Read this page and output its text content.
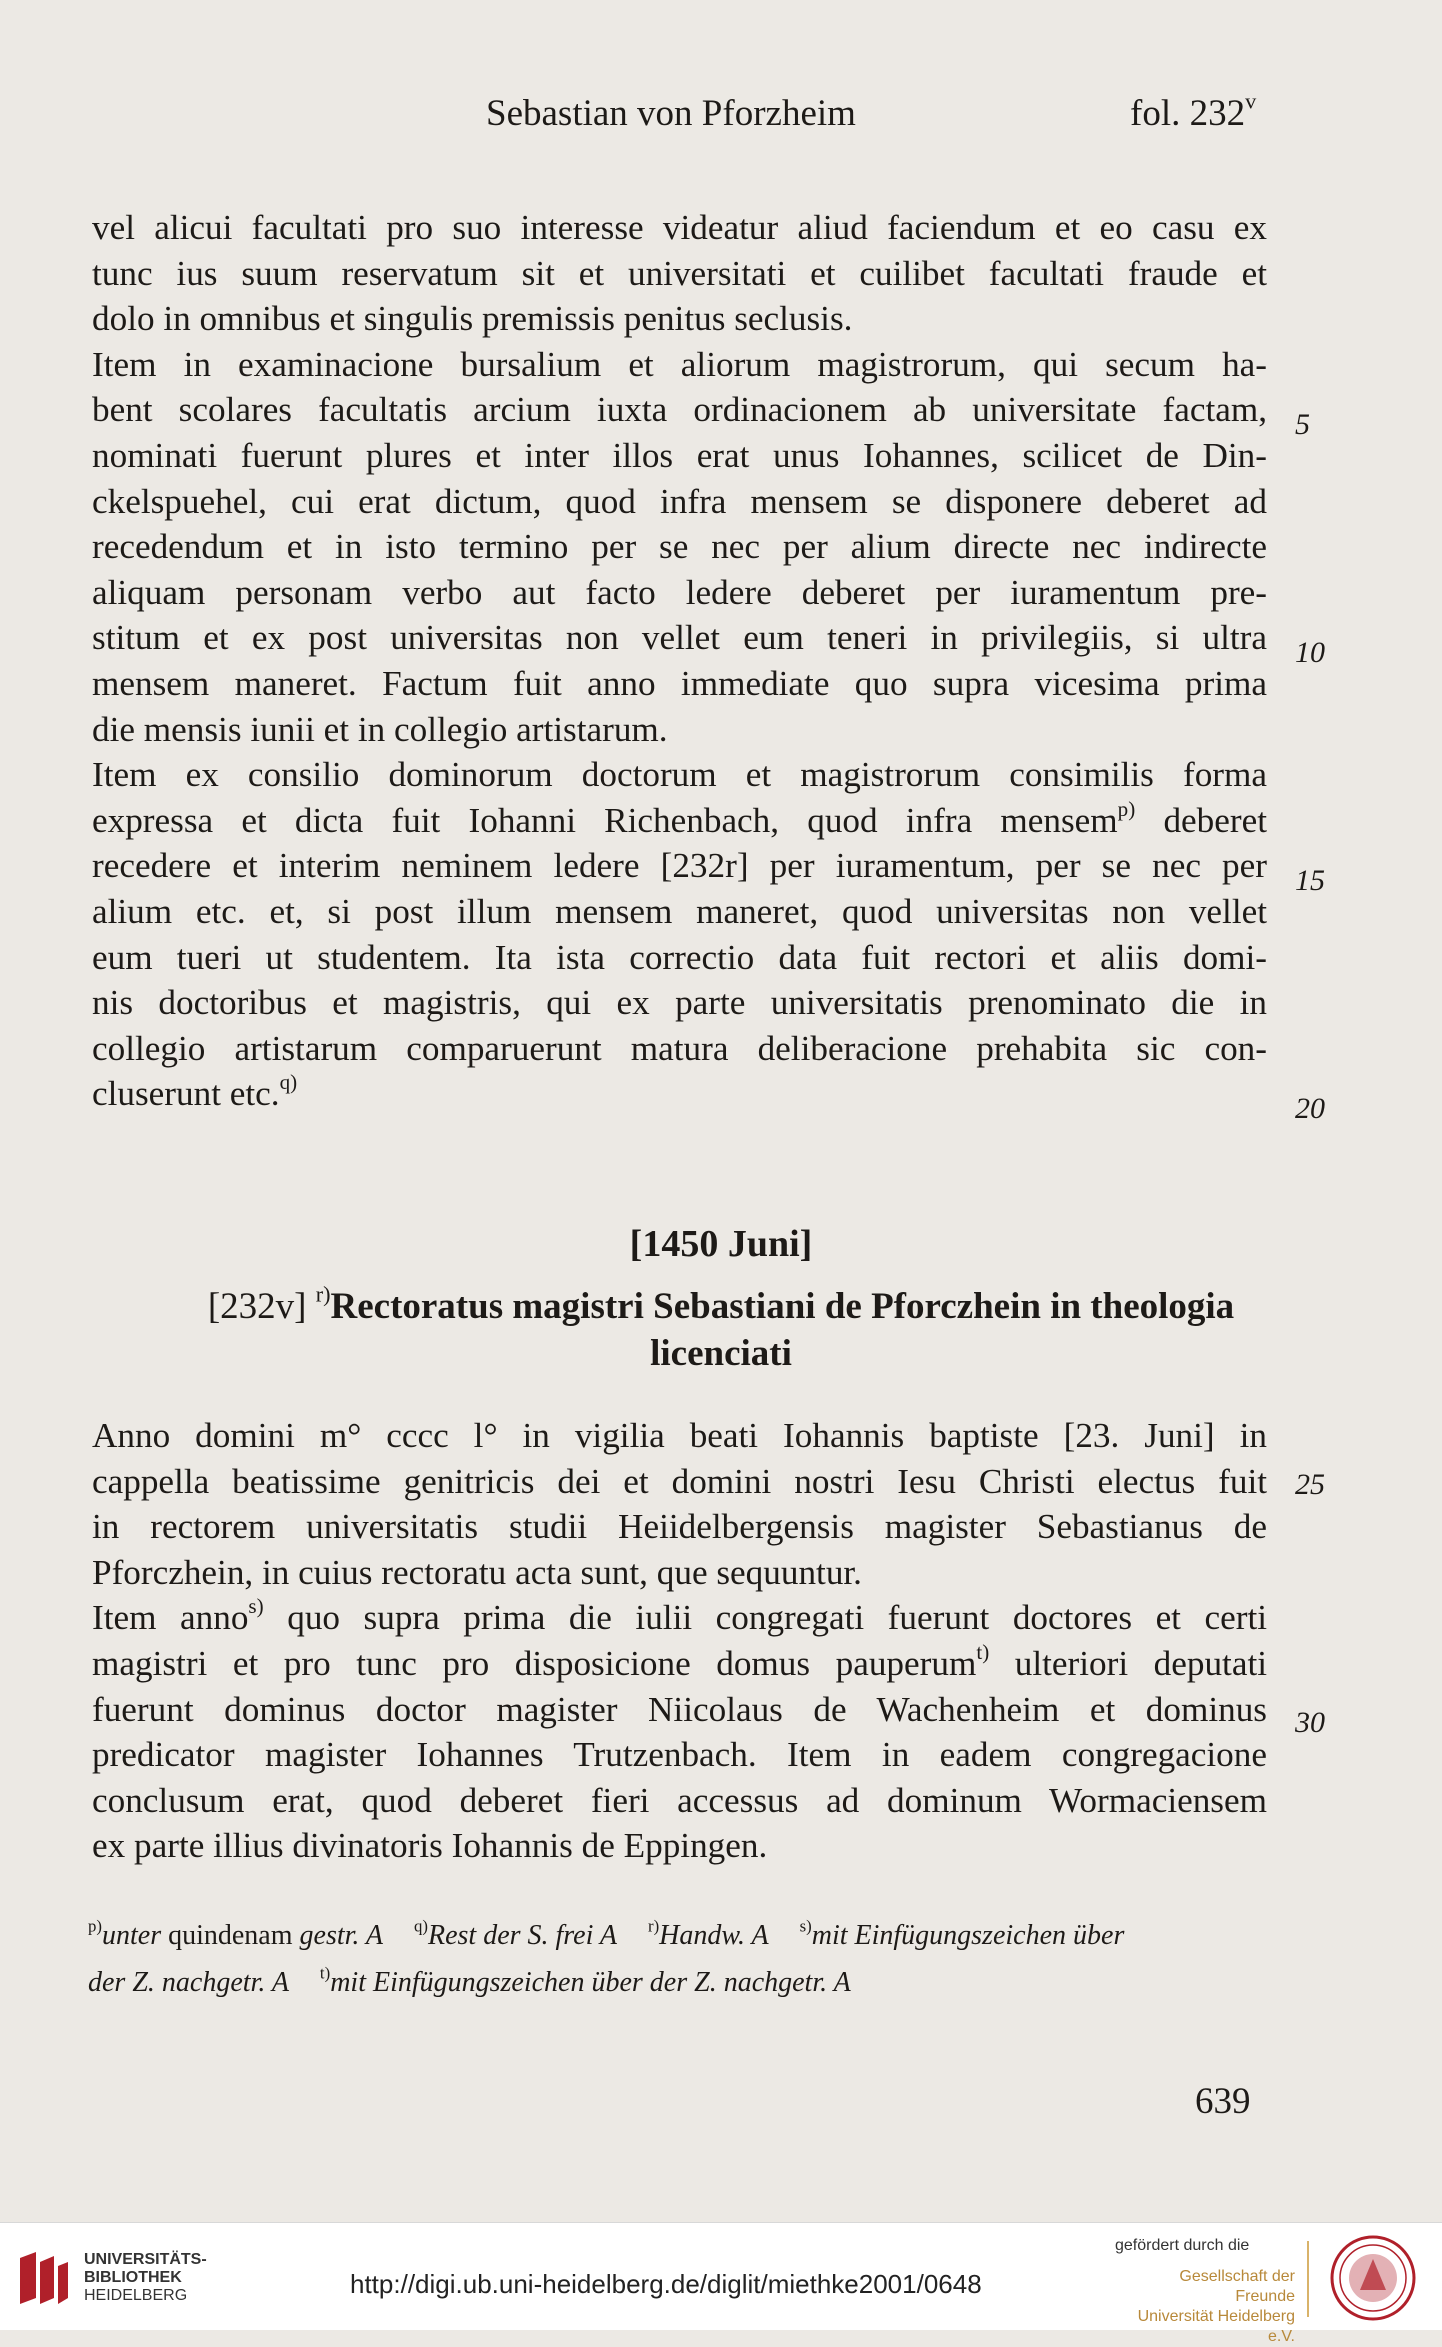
Sebastian von Pforzheim	fol. 232$^v$
vel alicui facultati pro suo interesse videatur aliud faciendum et eo casu ex
tunc ius suum reservatum sit et universitati et cuilibet facultati fraude et
dolo in omnibus et singulis premissis penitus seclusis.
Item in examinacione bursalium et aliorum magistrorum, qui secum ha-
bent scolares facultatis arcium iuxta ordinacionem ab universitate factam,
nominati fuerunt plures et inter illos erat unus Iohannes, scilicet de Din-
ckelspuehel, cui erat dictum, quod infra mensem se disponere deberet ad
recedendum et in isto termino per se nec per alium directe nec indirecte
aliquam personam verbo aut facto ledere deberet per iuramentum pre-
stitum et ex post universitas non vellet eum teneri in privilegiis, si ultra
mensem maneret. Factum fuit anno immediate quo supra vicesima prima
die mensis iunii et in collegio artistarum.
Item ex consilio dominorum doctorum et magistrorum consimilis forma
expressa et dicta fuit Iohanni Richenbach, quod infra mensem$^{p)}$ deberet
recedere et interim neminem ledere [232r] per iuramentum, per se nec per
alium etc. et, si post illum mensem maneret, quod universitas non vellet
eum tueri ut studentem. Ita ista correctio data fuit rectori et aliis domi-
nis doctoribus et magistris, qui ex parte universitatis prenominato die in
collegio artistarum comparuerunt matura deliberacione prehabita sic con-
cluserunt etc.$^{q)}$
5
10
15
20
[1450 Juni]
[232v] $^{r)}$Rectoratus magistri Sebastiani de Pforczhein in theologia
licenciati
Anno domini m° cccc l° in vigilia beati Iohannis baptiste [23. Juni] in
cappella beatissime genitricis dei et domini nostri Iesu Christi electus fuit
in rectorem universitatis studii Heiidelbergensis magister Sebastianus de
Pforczhein, in cuius rectoratu acta sunt, que sequuntur.
Item anno$^{s)}$ quo supra prima die iulii congregati fuerunt doctores et certi
magistri et pro tunc pro disposicione domus pauperum$^{t)}$ ulteriori deputati
fuerunt dominus doctor magister Niicolaus de Wachenheim et dominus
predicator magister Iohannes Trutzenbach. Item in eadem congregacione
conclusum erat, quod deberet fieri accessus ad dominum Wormaciensem
ex parte illius divinatoris Iohannis de Eppingen.
25
30
$^{p)}$unter quindenam gestr. A $^{q)}$Rest der S. frei A $^{r)}$Handw. A $^{s)}$mit Einfügungszeichen über
der Z. nachgetr. A $^{t)}$mit Einfügungszeichen über der Z. nachgetr. A
639
UNIVERSITÄTS-
BIBLIOTHEK
HEIDELBERG	http://digi.ub.uni-heidelberg.de/diglit/miethke2001/0648
gefördert durch die
Gesellschaft der Freunde
Universität Heidelberg e.V.
